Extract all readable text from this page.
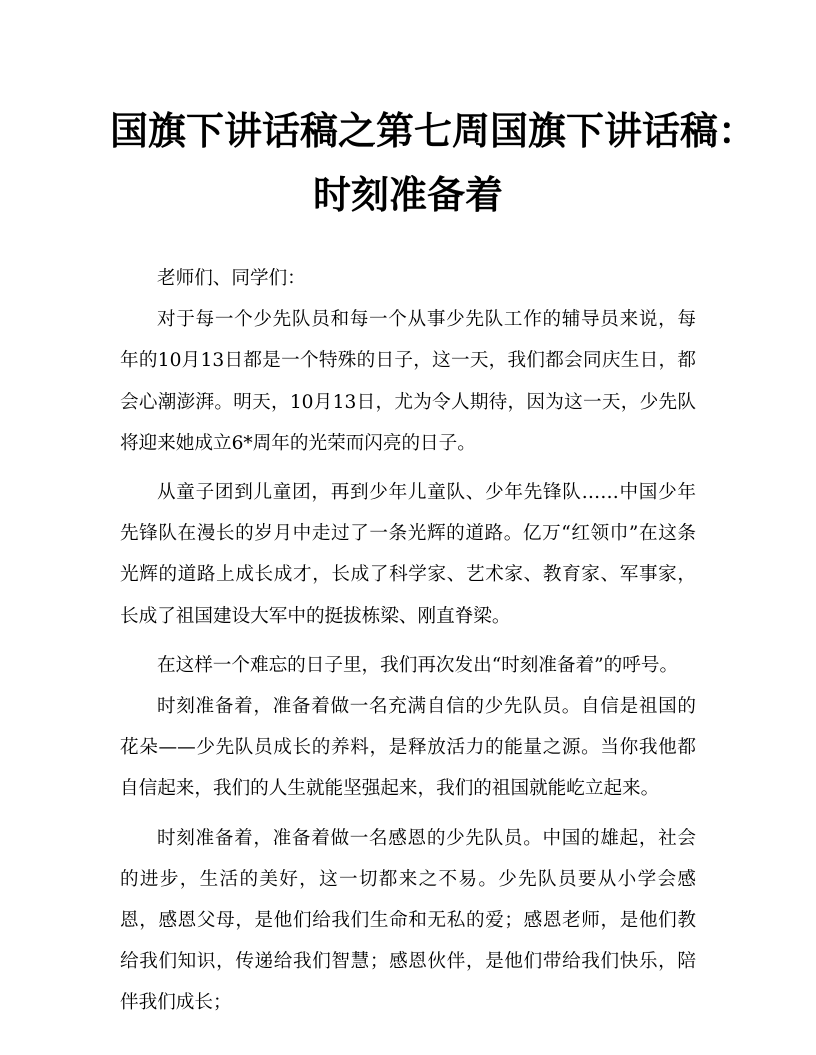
国旗下讲话稿之第七周国旗下讲话稿：
时刻准备着

老师们、同学们：

对于每一个少先队员和每一个从事少先队工作的辅导员来说，每年的10月13日都是一个特殊的日子，这一天，我们都会同庆生日，都会心潮澎湃。明天，10月13日，尤为令人期待，因为这一天，少先队将迎来她成立6*周年的光荣而闪亮的日子。

从童子团到儿童团，再到少年儿童队、少年先锋队……中国少年先锋队在漫长的岁月中走过了一条光辉的道路。亿万“红领巾”在这条光辉的道路上成长成才，长成了科学家、艺术家、教育家、军事家，长成了祖国建设大军中的挺拔栋梁、刚直脊梁。

在这样一个难忘的日子里，我们再次发出“时刻准备着”的呼号。

时刻准备着，准备着做一名充满自信的少先队员。自信是祖国的花朵——少先队员成长的养料，是释放活力的能量之源。当你我他都自信起来，我们的人生就能坚强起来，我们的祖国就能屹立起来。

时刻准备着，准备着做一名感恩的少先队员。中国的雄起，社会的进步，生活的美好，这一切都来之不易。少先队员要从小学会感恩，感恩父母，是他们给我们生命和无私的爱；感恩老师，是他们教给我们知识，传递给我们智慧；感恩伙伴，是他们带给我们快乐，陪伴我们成长；
